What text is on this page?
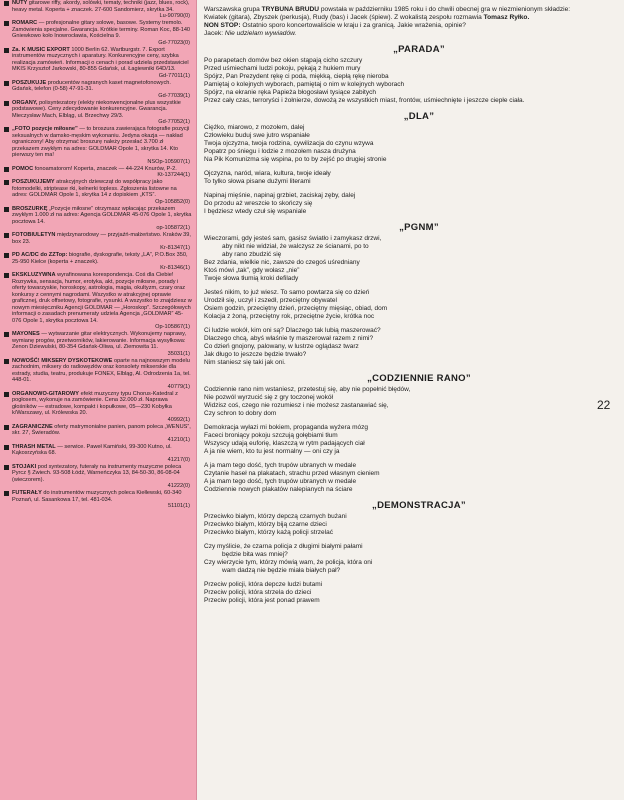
NUTY gitarowe riffy, akordy, solówki, tematy, techniki (jazz, blues, rock), heavy metal. Koperta + znaczek. 27-600 Sandomierz, skrytka 34.
Lu-90790(0)
ROMARC — profesjonalne gitary solowe, basowe. Systemy tremolo. Zamówienia specjalne. Gwarancja. Krótkie terminy. Roman Koc, 88-140 Gniewkowo koło Inowrocławia, Kościelna 9.
Gd-77023(0)
Za. K MUSIC EXPORT 1000 Berlin 62. Wartburgstr. 7. Export instrumentów muzycznych i aparatury. Konkurencyjne ceny, szybka realizacja zamówień. Informacji o cenach i porad udziela przedstawiciel MKIS Krzysztof Jarkowski, 80-855 Gdańsk, ul. Łagiewniki 64D/13.
Gd-77011(1)
POSZUKUJE producentów nagranych kaset magnetofonowych. Gdańsk, telefon (0-58) 47-91-31.
Gd-77039(1)
ORGANY, polisyntezatory (elekty niekonwencjonalne plus wszystkie podstawowe). Ceny zdecydowanie konkurencyjne. Gwarancja. Mieczysław Mach, Elbląg, ul. Brzechwy 29/3.
Gd-77052(1)
„FOTO pozycje miłosne” — to broszura zawierająca fotografie pozycji seksualnych w damsko-męskim wykonaniu. Jedyna okazja — nakład ograniczony! Aby otrzymać broszurę należy przesłać 3.700 zł przekazem zwykłym na adres: GOLDMAR Opole 1, skrytka 14. Kto pierwszy ten ma!
NSOp-105907(1)
POMOC fonoamatorom! Koperta, znaczek — 44-224 Knurów, P-2.
Kt-137244(1)
POSZUKUJEMY atrakcyjnych dziewcząt do współpracy jako fotomodelki, striptease rki, kelnerki topless. Zgłoszenia listowne na adres: GOLDMAR Opole 1, skrytka 14 z dopiskiem „KTS”.
Op-105852(0)
BROSZURKĘ „Pozycje miłosne” otrzymasz wpłacając przekazem zwykłym 1.000 zł na adres: Agencja GOLDMAR 45-076 Opole 1, skrytka pocztowa 14.
op-105872(1)
FOTOBIULETYN międzynarodowy — przyjaźń-małżeństwo. Kraków 39, box 23.
Kr-81347(1)
PD AC/DC do ZZTop: biografie, dyskografie, teksty „LA”, P.O.Box 350, 25-950 Kielce (koperta + znaczek).
Kr-81346(1)
EKSKLUZYWNA wyrafinowana korespondencja. Coś dla Ciebie! Rozrywka, sensacja, humor, erotyka, akt, pozycje miłosne, porady i oferty towarzyskie, horoskopy, astrologia, magia, okultyzm, czary oraz konkursy z cennymi nagrodami. Wszystko w atrakcyjnej oprawie graficznej, druk offsetowy, fotografie, rysunki. A wszystko to znajdziesz w nowym miesięczniku Agencji GOLDMAR — „Horoskop”. Szczegółowych informacji o zasadach prenumeraty udziela Agencja „GOLDMAR” 45-076 Opole 1, skrytka pocztowa 14.
Op-105867(1)
MAYONES — wytwarzanie gitar elektrycznych. Wykonujemy naprawy, wymianę progów, przetworników, lakierowanie. Informacja wysyłkowa: Zenon Dziewulski, 80-354 Gdańsk-Oliwa, ul. Ziemowita 11.
35031(1)
NOWOŚĆ! MIKSERY DYSKOTEKOWE oparte na najnowszym modelu zachodnim, miksery do radiowęzłów oraz konsolety mikserskie dla estrady, studia, teatru, produkuje FONEX, Elbląg, Al. Odrodzenia 1a, tel. 448-01.
40779(1)
ORGANOWO-GITAROWY efekt muzyczny typu Chorus-Katedral z pogłosem, wykonuje na zamówienie. Cena 32.000 zł. Naprawa głośników — estradowe, kompakt i kopułkowe, 05—230 Kobyłka k/Warszawy, ul. Królewska 20.
40992(1)
ZAGRANICZNE oferty matrymonialne panien, panom poleca „WENUS”, skr. 27, Świeradów.
41210(1)
THRASH METAL — serwice. Paweł Kamiński, 99-300 Kutno, ul. Kąkosrzyńska 68.
41217(0)
STOJAKI pod syntezatory, futerały na instrumenty muzyczne poleca Pyrcz § Zwiech. 93-508 Łódź, Warneńczyka 13, 84-50-30, 86-08-04 (wieczorem).
41222(0)
FUTERAŁY do instrumentów muzycznych poleca Kiełlewski, 60-340 Poznań, ul. Sasankowa 17, tel. 481-034.
51101(1)
22

Warszawska grupa TRYBUNA BRUDU powstała w październiku 1985 roku i do chwili obecnej gra w niezmienionym składzie: Kwiatek (gitara), Zbyszek (perkusja), Rudy (bas) i Jacek (śpiew). Z wokalistą zespołu rozmawia Tomasz Ryłko.
NON STOP: Ostatnio sporo koncertowaliście w kraju i za granicą. Jakie wrażenia, opinie?
Jacek: Nie udzielam wywiadów.

„PARADA”
Po parapetach domów bez okien stąpają cicho szczury
Przed uśmiechami ludzi pokoju, pękają z hukiem mury
Spójrz, Pan Prezydent rękę ci poda, miękką, ciepłą rękę nieroba
Pamiętaj o kolejnych wyborach, pamiętaj o nim w kolejnych wyborach
Spójrz, na ekranie ręka Papieża błogosławi tysiące zabitych
Przez cały czas, terroryści i żołnierze, dowożą ze wszystkich miast, frontów, uśmiechnięte i jeszcze ciepłe ciała.
„DLA”
Ciężko, miarowo, z mozołem, dalej
Człowieku buduj swe jutro wspaniałe
Twoja ojczyzna, twoja rodzina, cywilizacja do czynu wzywa
Popatrz po śniegu i lodzie z mozołem nasza drużyna
Na Pik Komunizma się wspina, po to by zejść po drugiej stronie
Ojczyzna, naród, wiara, kultura, twoje ideały
To tylko słowa pisane dużymi literami
Napinaj mięśnie, napinaj grzbiet, zaciskaj zęby, dalej
Do przodu aż wreszcie to skończy się
I będziesz wtedy czuł się wspaniale
„PGNM”
Wieczorami, gdy jesteś sam, gasisz światło i zamykasz drzwi,
aby nikt nie widział, że walczysz ze ścianami, po to
aby rano zbudzić się
Bez zdania, wielkie nic, zawsze do czegoś uśredniany
Ktoś mówi „tak”, gdy wołasz „nie”
Twoje słowa tłumią kroki defilady
Jesteś nikim, to już wiesz. To samo powtarza się co dzień
Urodził się, uczył i zszedł, przeciętny obywatel
Osiem godzin, przeciętny dzień, przeciętny mięsiąc, obiad, dom
Kolacja z żoną, przeciętny rok, przeciętne życie, krótka noc
Ci ludzie wokół, kim oni są? Dlaczego tak lubią maszerować?
Dlaczego chcą, abyś właśnie ty maszerował razem z nimi?
Co dzień gnojony, palowany, w lustrze oglądasz twarz
Jak długo to jeszcze będzie trwało?
Nim staniesz się taki jak oni.
„CODZIENNIE RANO”
Codziennie rano nim wstaniesz, przetestuj się, aby nie popełnić błędów,
Nie pozwól wyrzucić się z gry toczonej wokół
Widzisz coś, czego nie rozumiesz i nie możesz zastanawiać się,
Czy schron to dobry dom
Demokracja wyłazi mi bokiem, propaganda wyżera mózg
Faceci broniący pokoju szczują gołębiami tłum
Wszyscy udają euforię, klaszczą w rytm padających ciał
A ja nie wiem, kto tu jest normalny — oni czy ja
A ja mam tego dość, tych trupów ubranych w medale
Czytanie haseł na plakatach, strachu przed własnym cieniem
A ja mam tego dość, tych trupów ubranych w medale
Codziennie nowych plakatów nalepianych na ściare
„DEMONSTRACJA”
Przeciwko białym, którzy depczą czarnych bużani
Przeciwko białym, którzy biją czarne dzieci
Przeciwko białym, którzy każą policji strzelać
Czy myślicie, że czarna policja z długimi białymi pałami
będzie bita was mniej?
Czy wierzycie tym, którzy mówią wam, że policja, która oni
wam dadzą nie będzie miała białych pał?
Przeciw policji, która depcze ludzi butami
Przeciw policji, która strzela do dzieci
Przeciw policji, która jest ponad prawem
